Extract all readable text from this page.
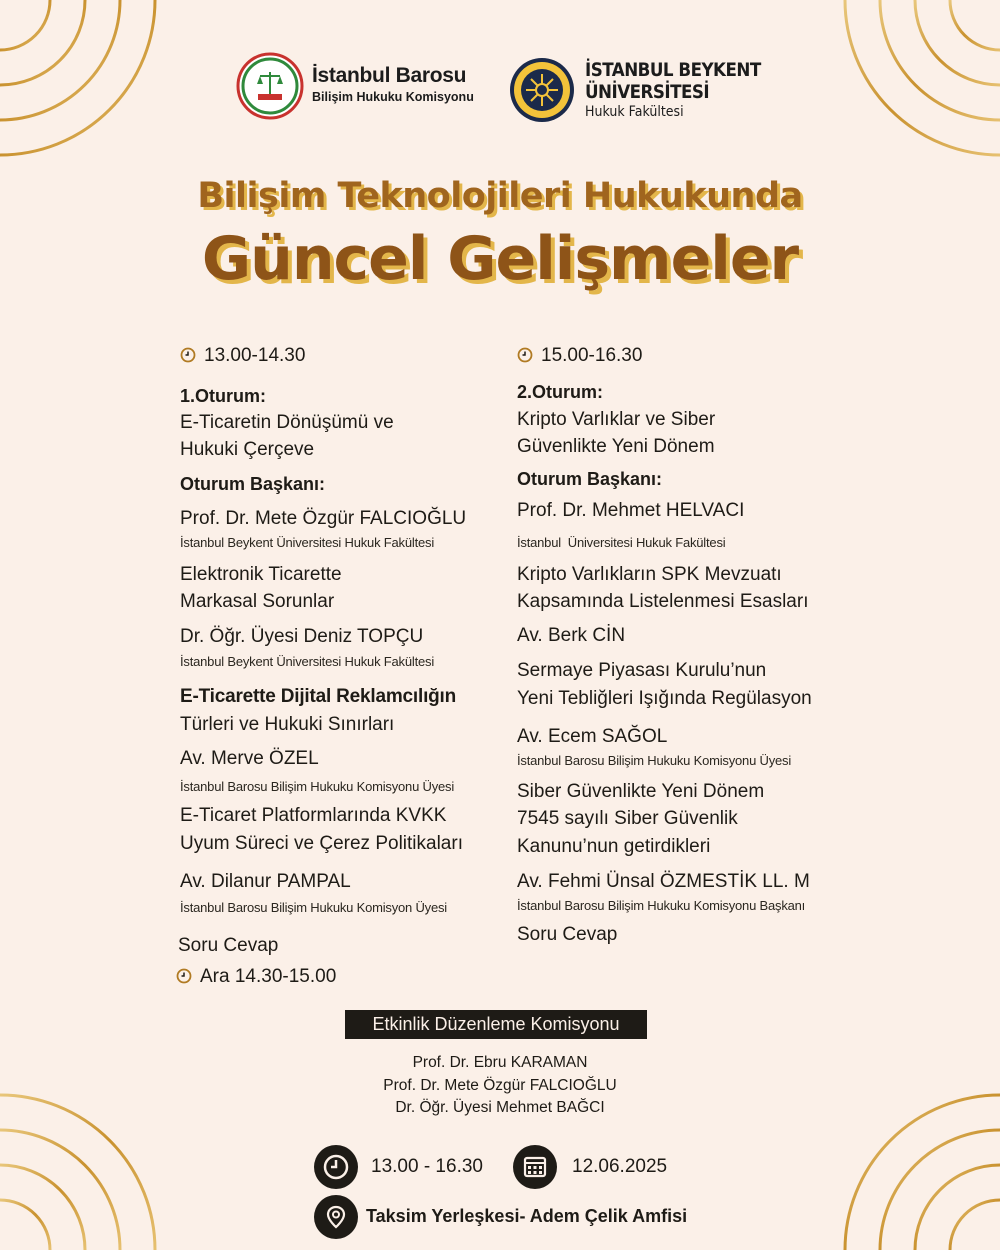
İstanbul Barosu
Bilişim Hukuku Komisyonu
İSTANBUL BEYKENT
ÜNİVERSİTESİ
Hukuk Fakültesi
Bilişim Teknolojileri Hukukunda
Güncel Gelişmeler
13.00-14.30
1.Oturum:
E-Ticaretin Dönüşümü ve
Hukuki Çerçeve
Oturum Başkanı:
Prof. Dr. Mete Özgür FALCIOĞLU
İstanbul Beykent Üniversitesi Hukuk Fakültesi
Elektronik Ticarette
Markasal Sorunlar
Dr. Öğr. Üyesi Deniz TOPÇU
İstanbul Beykent Üniversitesi Hukuk Fakültesi
E-Ticarette Dijital Reklamcılığın
Türleri ve Hukuki Sınırları
Av. Merve ÖZEL
İstanbul Barosu Bilişim Hukuku Komisyonu Üyesi
E-Ticaret Platformlarında KVKK
Uyum Süreci ve Çerez Politikaları
Av. Dilanur PAMPAL
İstanbul Barosu Bilişim Hukuku Komisyon Üyesi
Soru Cevap
Ara 14.30-15.00
15.00-16.30
2.Oturum:
Kripto Varlıklar ve Siber
Güvenlikte Yeni Dönem
Oturum Başkanı:
Prof. Dr. Mehmet HELVACI
İstanbul  Üniversitesi Hukuk Fakültesi
Kripto Varlıkların SPK Mevzuatı
Kapsamında Listelenmesi Esasları
Av. Berk CİN
Sermaye Piyasası Kurulu’nun
Yeni Tebliğleri Işığında Regülasyon
Av. Ecem SAĞOL
İstanbul Barosu Bilişim Hukuku Komisyonu Üyesi
Siber Güvenlikte Yeni Dönem
7545 sayılı Siber Güvenlik
Kanunu’nun getirdikleri
Av. Fehmi Ünsal ÖZMESTİK LL. M
İstanbul Barosu Bilişim Hukuku Komisyonu Başkanı
Soru Cevap
Etkinlik Düzenleme Komisyonu
Prof. Dr. Ebru KARAMAN
Prof. Dr. Mete Özgür FALCIOĞLU
Dr. Öğr. Üyesi Mehmet BAĞCI
13.00 - 16.30	12.06.2025
Taksim Yerleşkesi- Adem Çelik Amfisi
